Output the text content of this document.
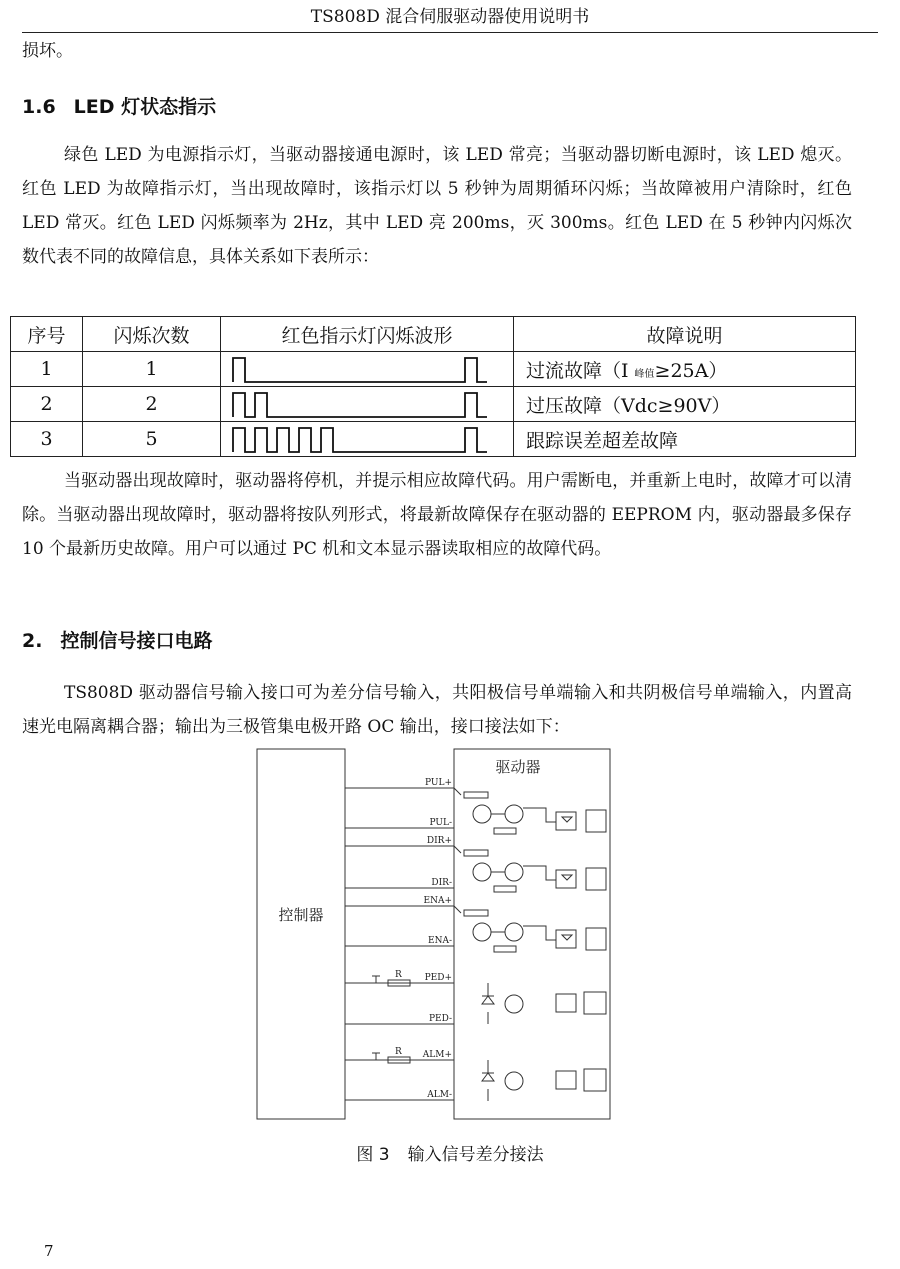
TS808D 混合伺服驱动器使用说明书
损坏。
1.6 LED 灯状态指示
绿色 LED 为电源指示灯，当驱动器接通电源时，该 LED 常亮；当驱动器切断电源时，该 LED 熄灭。红色 LED 为故障指示灯，当出现故障时，该指示灯以 5 秒钟为周期循环闪烁；当故障被用户清除时，红色 LED 常灭。红色 LED 闪烁频率为 2Hz，其中 LED 亮 200ms，灭 300ms。红色 LED 在 5 秒钟内闪烁次数代表不同的故障信息，具体关系如下表所示：
序号	闪烁次数	红色指示灯闪烁波形	故障说明
1	1		过流故障（I 峰值≥25A）
2	2		过压故障（Vdc≥90V）
3	5		跟踪误差超差故障
当驱动器出现故障时，驱动器将停机，并提示相应故障代码。用户需断电，并重新上电时，故障才可以清除。当驱动器出现故障时，驱动器将按队列形式，将最新故障保存在驱动器的 EEPROM 内，驱动器最多保存 10 个最新历史故障。用户可以通过 PC 机和文本显示器读取相应的故障代码。
2. 控制信号接口电路
TS808D 驱动器信号输入接口可为差分信号输入，共阳极信号单端输入和共阴极信号单端输入，内置高速光电隔离耦合器；输出为三极管集电极开路 OC 输出，接口接法如下：
控制器
驱动器
PUL+
PUL-
DIR+
DIR-
ENA+
ENA-
PED+
PED-
ALM+
ALM-
R
R
图 3 输入信号差分接法
7
